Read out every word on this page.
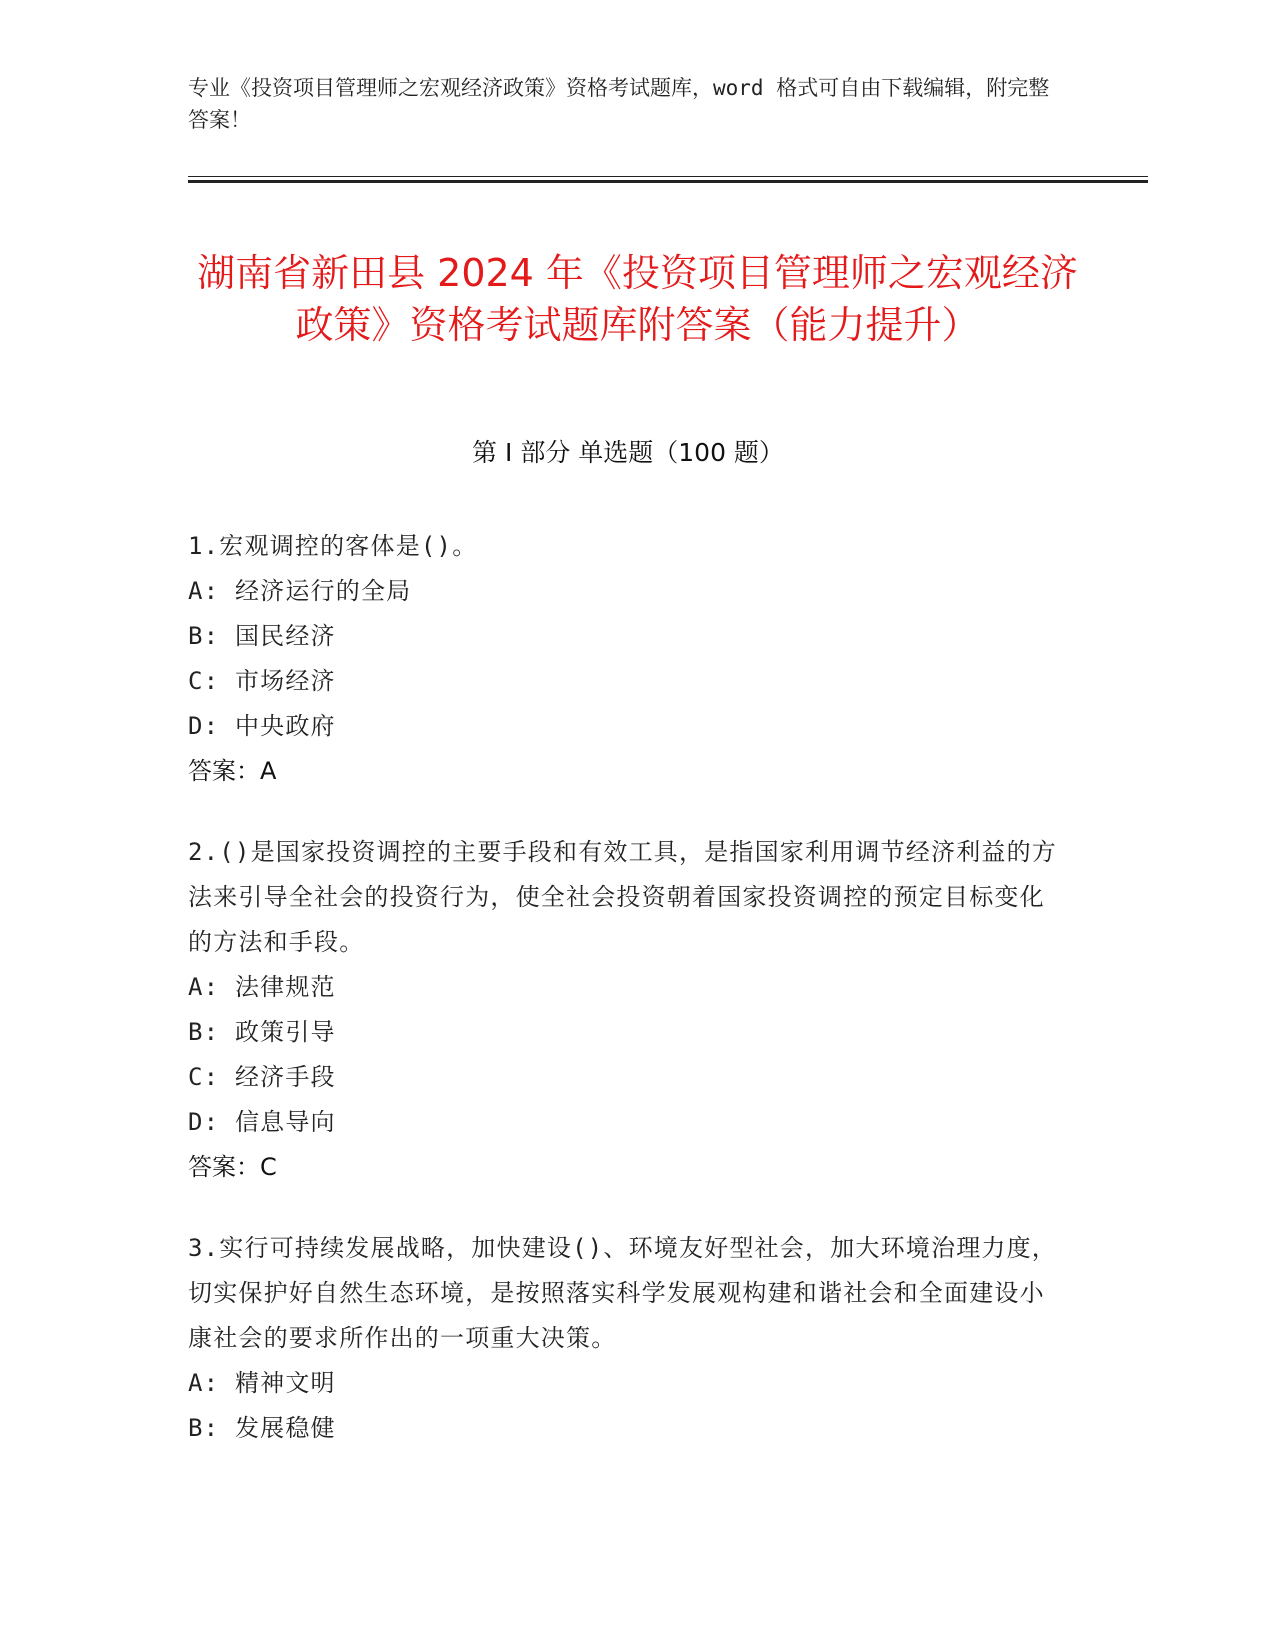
专业《投资项目管理师之宏观经济政策》资格考试题库，word 格式可自由下载编辑，附完整答案！
湖南省新田县 2024 年《投资项目管理师之宏观经济政策》资格考试题库附答案（能力提升）
第 I 部分 单选题（100 题）

1.宏观调控的客体是()。

A: 经济运行的全局

B: 国民经济

C: 市场经济

D: 中央政府

答案：A

2.()是国家投资调控的主要手段和有效工具，是指国家利用调节经济利益的方法来引导全社会的投资行为，使全社会投资朝着国家投资调控的预定目标变化的方法和手段。

A: 法律规范

B: 政策引导

C: 经济手段

D: 信息导向

答案：C

3.实行可持续发展战略，加快建设()、环境友好型社会，加大环境治理力度，切实保护好自然生态环境，是按照落实科学发展观构建和谐社会和全面建设小康社会的要求所作出的一项重大决策。

A: 精神文明

B: 发展稳健
